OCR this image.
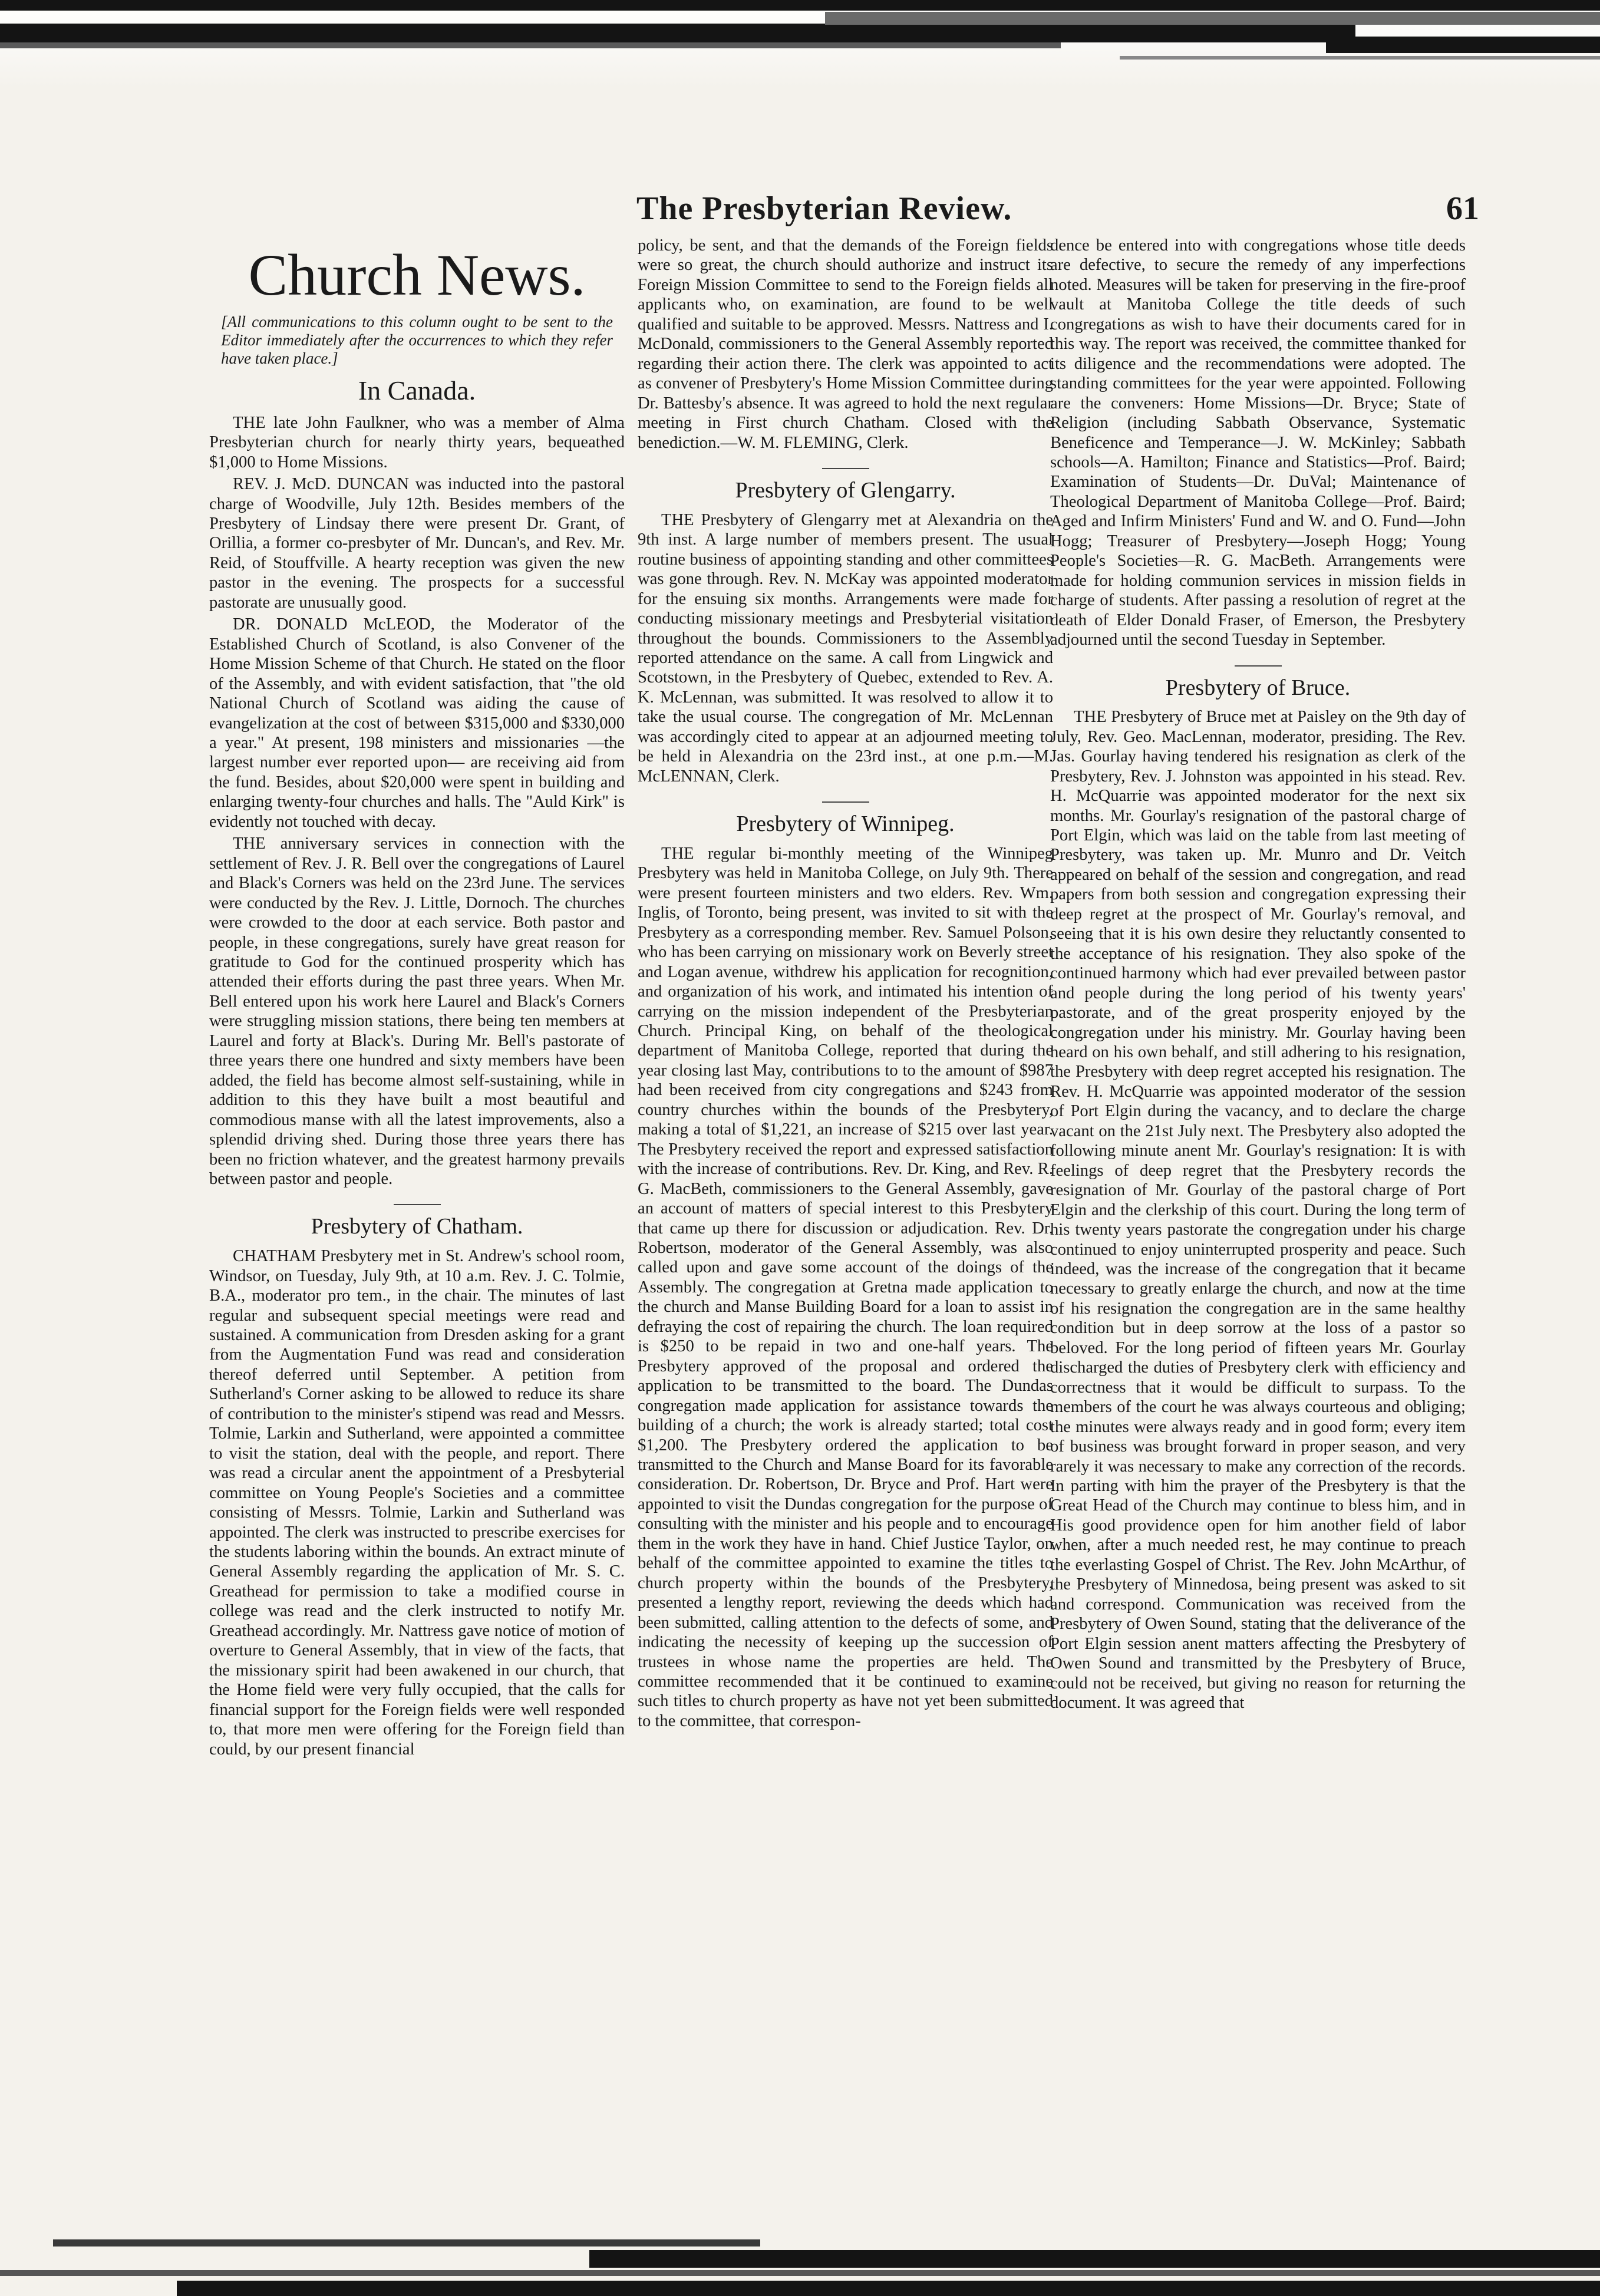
The Presbyterian Review.	61
Church News.
[All communications to this column ought to be sent to the Editor immediately after the occurrences to which they refer have taken place.]
In Canada.

THE late John Faulkner, who was a member of Alma Presbyterian church for nearly thirty years, bequeathed $1,000 to Home Missions.

REV. J. McD. DUNCAN was inducted into the pastoral charge of Woodville, July 12th. Besides members of the Presbytery of Lindsay there were present Dr. Grant, of Orillia, a former co-presbyter of Mr. Duncan's, and Rev. Mr. Reid, of Stouffville. A hearty reception was given the new pastor in the evening. The prospects for a successful pastorate are unusually good.

DR. DONALD McLEOD, the Moderator of the Established Church of Scotland, is also Convener of the Home Mission Scheme of that Church. He stated on the floor of the Assembly, and with evident satisfaction, that "the old National Church of Scotland was aiding the cause of evangelization at the cost of between $315,000 and $330,000 a year." At present, 198 ministers and missionaries —the largest number ever reported upon— are receiving aid from the fund. Besides, about $20,000 were spent in building and enlarging twenty-four churches and halls. The "Auld Kirk" is evidently not touched with decay.

THE anniversary services in connection with the settlement of Rev. J. R. Bell over the congregations of Laurel and Black's Corners was held on the 23rd June. The services were conducted by the Rev. J. Little, Dornoch. The churches were crowded to the door at each service. Both pastor and people, in these congregations, surely have great reason for gratitude to God for the continued prosperity which has attended their efforts during the past three years. When Mr. Bell entered upon his work here Laurel and Black's Corners were struggling mission stations, there being ten members at Laurel and forty at Black's. During Mr. Bell's pastorate of three years there one hundred and sixty members have been added, the field has become almost self-sustaining, while in addition to this they have built a most beautiful and commodious manse with all the latest improvements, also a splendid driving shed. During those three years there has been no friction whatever, and the greatest harmony prevails between pastor and people.

Presbytery of Chatham.

CHATHAM Presbytery met in St. Andrew's school room, Windsor, on Tuesday, July 9th, at 10 a.m. Rev. J. C. Tolmie, B.A., moderator pro tem., in the chair. The minutes of last regular and subsequent special meetings were read and sustained. A communication from Dresden asking for a grant from the Augmentation Fund was read and consideration thereof deferred until September. A petition from Sutherland's Corner asking to be allowed to reduce its share of contribution to the minister's stipend was read and Messrs. Tolmie, Larkin and Sutherland, were appointed a committee to visit the station, deal with the people, and report. There was read a circular anent the appointment of a Presbyterial committee on Young People's Societies and a committee consisting of Messrs. Tolmie, Larkin and Sutherland was appointed. The clerk was instructed to prescribe exercises for the students laboring within the bounds. An extract minute of General Assembly regarding the application of Mr. S. C. Greathead for permission to take a modified course in college was read and the clerk instructed to notify Mr. Greathead accordingly. Mr. Nattress gave notice of motion of overture to General Assembly, that in view of the facts, that the missionary spirit had been awakened in our church, that the Home field were very fully occupied, that the calls for financial support for the Foreign fields were well responded to, that more men were offering for the Foreign field than could, by our present financial

policy, be sent, and that the demands of the Foreign fields were so great, the church should authorize and instruct its Foreign Mission Committee to send to the Foreign fields all applicants who, on examination, are found to be well qualified and suitable to be approved. Messrs. Nattress and I. McDonald, commissioners to the General Assembly reported regarding their action there. The clerk was appointed to act as convener of Presbytery's Home Mission Committee during Dr. Battesby's absence. It was agreed to hold the next regular meeting in First church Chatham. Closed with the benediction.—W. M. FLEMING, Clerk.

Presbytery of Glengarry.

THE Presbytery of Glengarry met at Alexandria on the 9th inst. A large number of members present. The usual routine business of appointing standing and other committees was gone through. Rev. N. McKay was appointed moderator for the ensuing six months. Arrangements were made for conducting missionary meetings and Presbyterial visitation throughout the bounds. Commissioners to the Assembly reported attendance on the same. A call from Lingwick and Scotstown, in the Presbytery of Quebec, extended to Rev. A. K. McLennan, was submitted. It was resolved to allow it to take the usual course. The congregation of Mr. McLennan was accordingly cited to appear at an adjourned meeting to be held in Alexandria on the 23rd inst., at one p.m.—M. McLENNAN, Clerk.

Presbytery of Winnipeg.

THE regular bi-monthly meeting of the Winnipeg Presbytery was held in Manitoba College, on July 9th. There were present fourteen ministers and two elders. Rev. Wm. Inglis, of Toronto, being present, was invited to sit with the Presbytery as a corresponding member. Rev. Samuel Polson, who has been carrying on missionary work on Beverly street and Logan avenue, withdrew his application for recognition, and organization of his work, and intimated his intention of carrying on the mission independent of the Presbyterian Church. Principal King, on behalf of the theological department of Manitoba College, reported that during the year closing last May, contributions to to the amount of $987 had been received from city congregations and $243 from country churches within the bounds of the Presbytery, making a total of $1,221, an increase of $215 over last year. The Presbytery received the report and expressed satisfaction with the increase of contributions. Rev. Dr. King, and Rev. R. G. MacBeth, commissioners to the General Assembly, gave an account of matters of special interest to this Presbytery that came up there for discussion or adjudication. Rev. Dr. Robertson, moderator of the General Assembly, was also called upon and gave some account of the doings of the Assembly. The congregation at Gretna made application to the church and Manse Building Board for a loan to assist in defraying the cost of repairing the church. The loan required is $250 to be repaid in two and one-half years. The Presbytery approved of the proposal and ordered the application to be transmitted to the board. The Dundas congregation made application for assistance towards the building of a church; the work is already started; total cost $1,200. The Presbytery ordered the application to be transmitted to the Church and Manse Board for its favorable consideration. Dr. Robertson, Dr. Bryce and Prof. Hart were appointed to visit the Dundas congregation for the purpose of consulting with the minister and his people and to encourage them in the work they have in hand. Chief Justice Taylor, on behalf of the committee appointed to examine the titles to church property within the bounds of the Presbytery, presented a lengthy report, reviewing the deeds which had been submitted, calling attention to the defects of some, and indicating the necessity of keeping up the succession of trustees in whose name the properties are held. The committee recommended that it be continued to examine such titles to church property as have not yet been submitted to the committee, that correspon-

dence be entered into with congregations whose title deeds are defective, to secure the remedy of any imperfections noted. Measures will be taken for preserving in the fire-proof vault at Manitoba College the title deeds of such congregations as wish to have their documents cared for in this way. The report was received, the committee thanked for its diligence and the recommendations were adopted. The standing committees for the year were appointed. Following are the conveners: Home Missions—Dr. Bryce; State of Religion (including Sabbath Observance, Systematic Beneficence and Temperance—J. W. McKinley; Sabbath schools—A. Hamilton; Finance and Statistics—Prof. Baird; Examination of Students—Dr. DuVal; Maintenance of Theological Department of Manitoba College—Prof. Baird; Aged and Infirm Ministers' Fund and W. and O. Fund—John Hogg; Treasurer of Presbytery—Joseph Hogg; Young People's Societies—R. G. MacBeth. Arrangements were made for holding communion services in mission fields in charge of students. After passing a resolution of regret at the death of Elder Donald Fraser, of Emerson, the Presbytery adjourned until the second Tuesday in September.

Presbytery of Bruce.

THE Presbytery of Bruce met at Paisley on the 9th day of July, Rev. Geo. MacLennan, moderator, presiding. The Rev. Jas. Gourlay having tendered his resignation as clerk of the Presbytery, Rev. J. Johnston was appointed in his stead. Rev. H. McQuarrie was appointed moderator for the next six months. Mr. Gourlay's resignation of the pastoral charge of Port Elgin, which was laid on the table from last meeting of Presbytery, was taken up. Mr. Munro and Dr. Veitch appeared on behalf of the session and congregation, and read papers from both session and congregation expressing their deep regret at the prospect of Mr. Gourlay's removal, and seeing that it is his own desire they reluctantly consented to the acceptance of his resignation. They also spoke of the continued harmony which had ever prevailed between pastor and people during the long period of his twenty years' pastorate, and of the great prosperity enjoyed by the congregation under his ministry. Mr. Gourlay having been heard on his own behalf, and still adhering to his resignation, the Presbytery with deep regret accepted his resignation. The Rev. H. McQuarrie was appointed moderator of the session of Port Elgin during the vacancy, and to declare the charge vacant on the 21st July next. The Presbytery also adopted the following minute anent Mr. Gourlay's resignation: It is with feelings of deep regret that the Presbytery records the resignation of Mr. Gourlay of the pastoral charge of Port Elgin and the clerkship of this court. During the long term of his twenty years pastorate the congregation under his charge continued to enjoy uninterrupted prosperity and peace. Such indeed, was the increase of the congregation that it became necessary to greatly enlarge the church, and now at the time of his resignation the congregation are in the same healthy condition but in deep sorrow at the loss of a pastor so beloved. For the long period of fifteen years Mr. Gourlay discharged the duties of Presbytery clerk with efficiency and correctness that it would be difficult to surpass. To the members of the court he was always courteous and obliging; the minutes were always ready and in good form; every item of business was brought forward in proper season, and very rarely it was necessary to make any correction of the records. In parting with him the prayer of the Presbytery is that the Great Head of the Church may continue to bless him, and in His good providence open for him another field of labor when, after a much needed rest, he may continue to preach the everlasting Gospel of Christ. The Rev. John McArthur, of the Presbytery of Minnedosa, being present was asked to sit and correspond. Communication was received from the Presbytery of Owen Sound, stating that the deliverance of the Port Elgin session anent matters affecting the Presbytery of Owen Sound and transmitted by the Presbytery of Bruce, could not be received, but giving no reason for returning the document. It was agreed that
